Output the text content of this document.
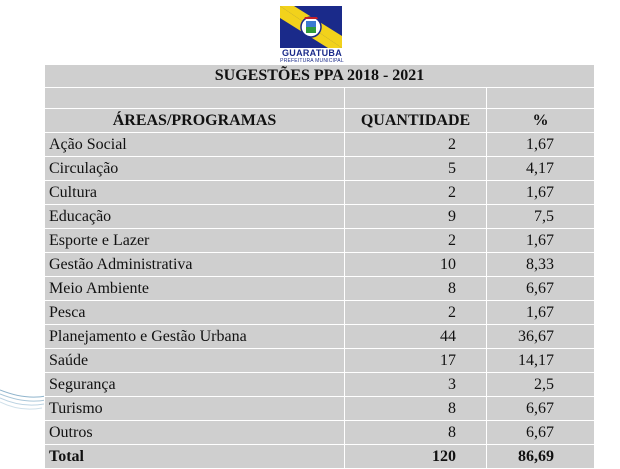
GUARATUBA
PREFEITURA MUNICIPAL
SUGESTÕES PPA 2018 - 2021		

ÁREAS/PROGRAMAS	QUANTIDADE	%
Ação Social	2	1,67
Circulação	5	4,17
Cultura	2	1,67
Educação	9	7,5
Esporte e Lazer	2	1,67
Gestão Administrativa	10	8,33
Meio Ambiente	8	6,67
Pesca	2	1,67
Planejamento e Gestão Urbana	44	36,67
Saúde	17	14,17
Segurança	3	2,5
Turismo	8	6,67
Outros	8	6,67
Total	120	86,69
